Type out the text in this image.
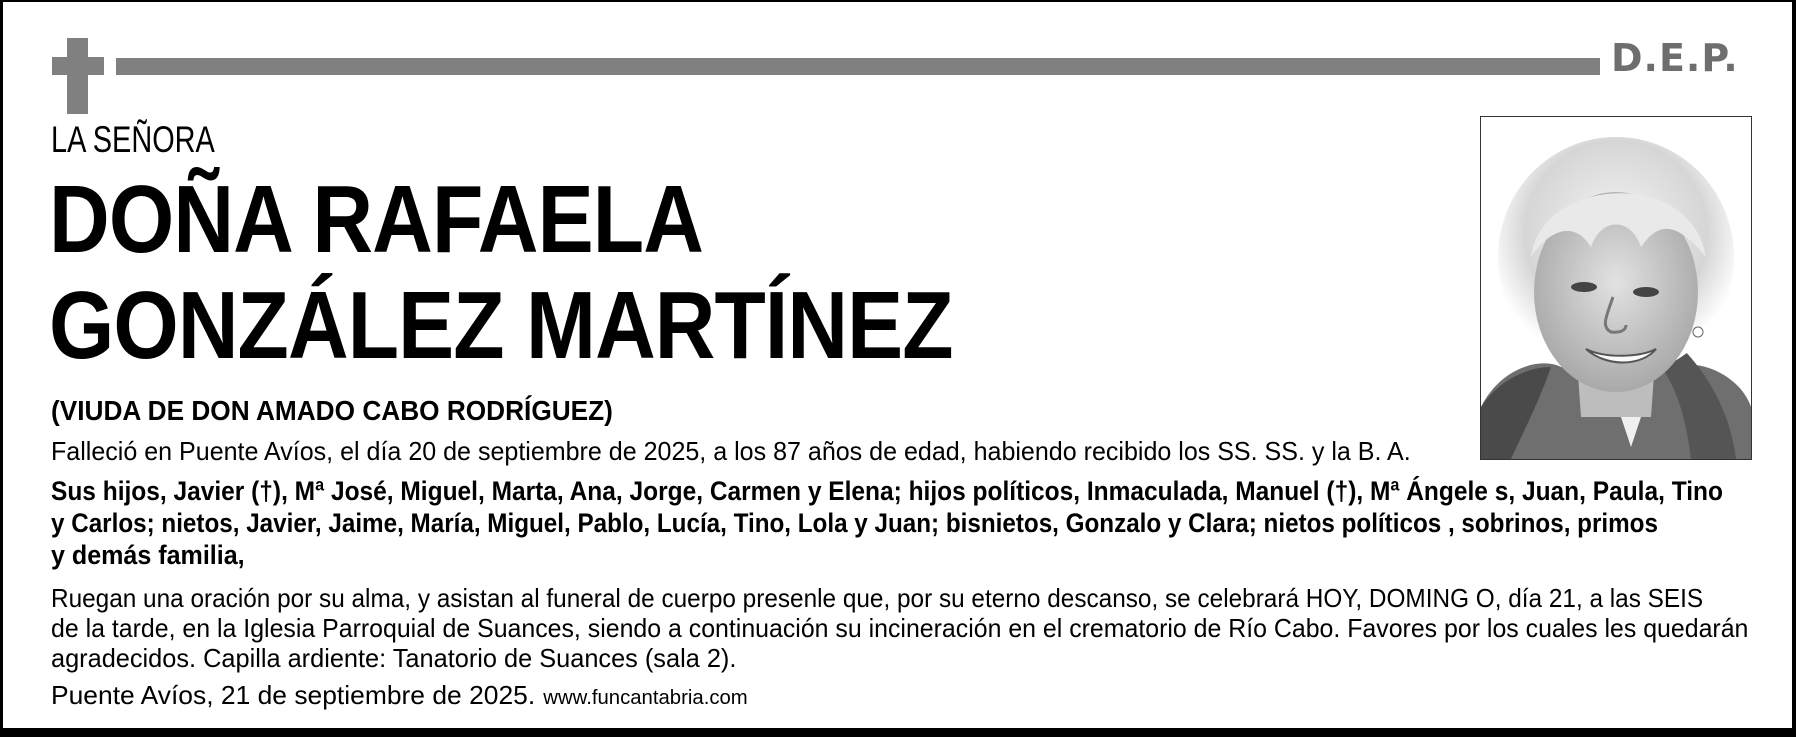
D.E.P.
LA SEÑORA
DOÑA RAFAELA
GONZÁLEZ MARTÍNEZ
(VIUDA DE DON AMADO CABO RODRÍGUEZ)
Falleció en Puente Avíos, el día 20 de septiembre de 2025, a los 87 años de edad, habiendo recibido los SS. SS. y la B. A.
Sus hijos, Javier (†), Mª José, Miguel, Marta, Ana, Jorge, Carmen y Elena; hijos políticos, Inmaculada, Manuel (†), Mª Ángele s, Juan, Paula, Tino
y Carlos; nietos, Javier, Jaime, María, Miguel, Pablo, Lucía, Tino, Lola y Juan; bisnietos, Gonzalo y Clara; nietos políticos , sobrinos, primos
y demás familia,
Ruegan una oración por su alma, y asistan al funeral de cuerpo presenle que, por su eterno descanso, se celebrará HOY, DOMING O, día 21, a las SEIS
de la tarde, en la Iglesia Parroquial de Suances, siendo a continuación su incineración en el crematorio de Río Cabo. Favores por los cuales les quedarán
agradecidos. Capilla ardiente: Tanatorio de Suances (sala 2).
Puente Avíos, 21 de septiembre de 2025. www.funcantabria.com
